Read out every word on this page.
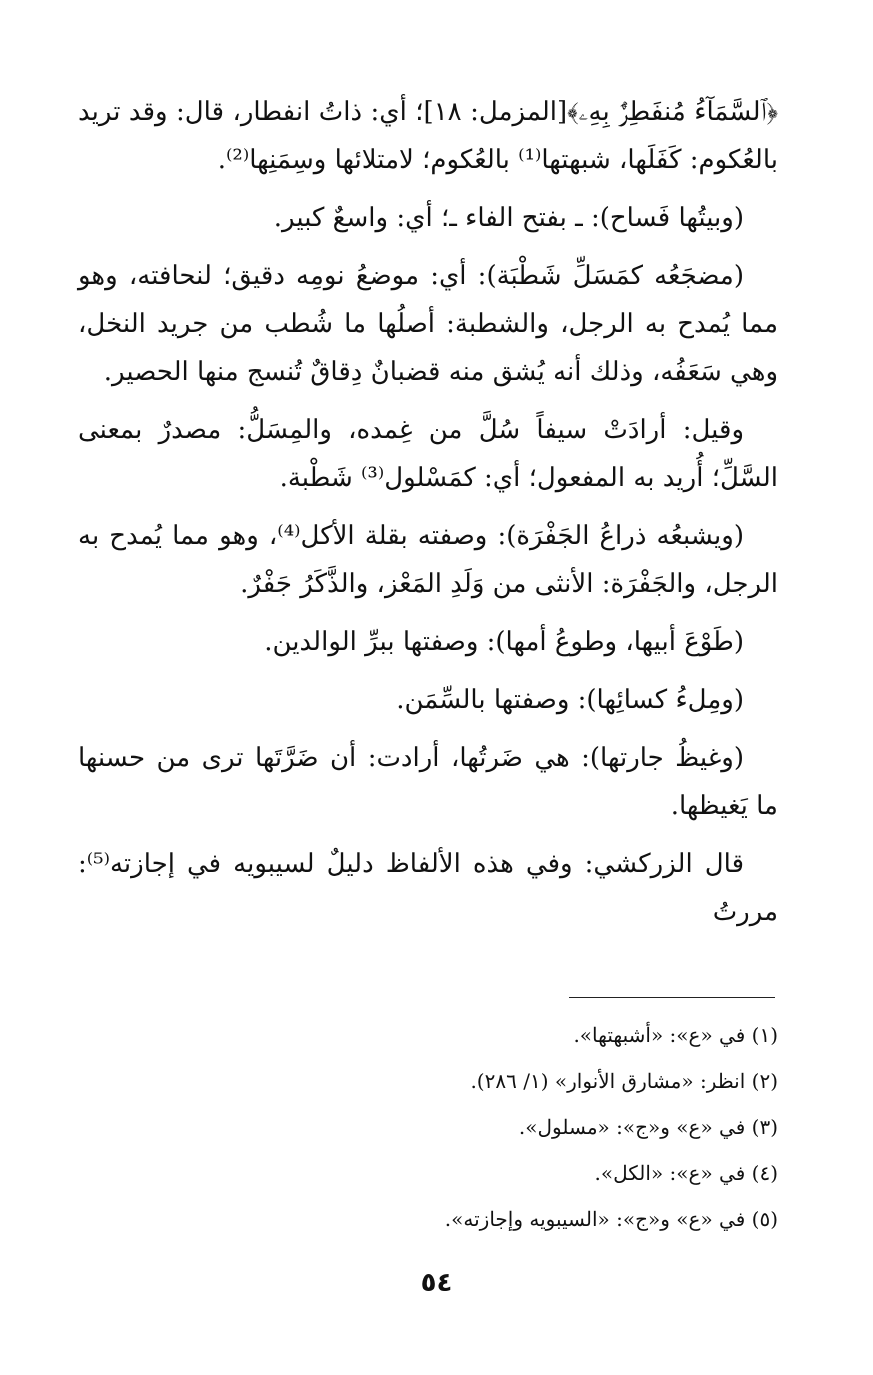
﴿ٱلسَّمَآءُ مُنفَطِرٌۢ بِهِۦ﴾[المزمل: ١٨]؛ أي: ذاتُ انفطار، قال: وقد تريد بالعُكوم: كَفَلَها، شبهتها⁽¹⁾ بالعُكوم؛ لامتلائها وسِمَنِها⁽²⁾.

(وبيتُها فَساح): ـ بفتح الفاء ـ؛ أي: واسعٌ كبير.

(مضجَعُه كمَسَلِّ شَطْبَة): أي: موضعُ نومِه دقيق؛ لنحافته، وهو مما يُمدح به الرجل، والشطبة: أصلُها ما شُطب من جريد النخل، وهي سَعَفُه، وذلك أنه يُشق منه قضبانٌ دِقاقٌ تُنسج منها الحصير.

وقيل: أرادَتْ سيفاً سُلَّ من غِمده، والمِسَلُّ: مصدرٌ بمعنى السَّلِّ؛ أُريد به المفعول؛ أي: كمَسْلول⁽³⁾ شَطْبة.

(ويشبعُه ذراعُ الجَفْرَة): وصفته بقلة الأكل⁽⁴⁾، وهو مما يُمدح به الرجل، والجَفْرَة: الأنثى من وَلَدِ المَعْز، والذَّكَرُ جَفْرٌ.

(طَوْعَ أبيها، وطوعُ أمها): وصفتها ببرِّ الوالدين.

(ومِلءُ كسائِها): وصفتها بالسِّمَن.

(وغيظُ جارتها): هي ضَرتُها، أرادت: أن ضَرَّتَها ترى من حسنها ما يَغيظها.

قال الزركشي: وفي هذه الألفاظ دليلٌ لسيبويه في إجازته⁽⁵⁾: مررتُ

(١) في «ع»: «أشبهتها».

(٢) انظر: «مشارق الأنوار» (١/ ٢٨٦).

(٣) في «ع» و«ج»: «مسلول».

(٤) في «ع»: «الكل».

(٥) في «ع» و«ج»: «السيبويه وإجازته».

٥٤
